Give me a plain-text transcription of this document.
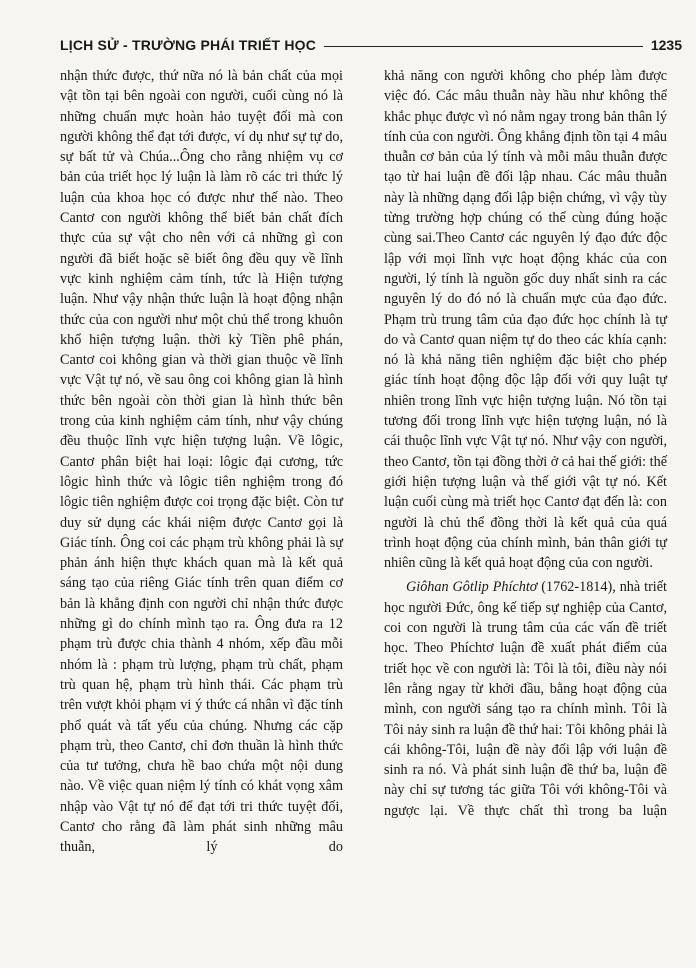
LỊCH SỬ - TRƯỜNG PHÁI TRIẾT HỌC	1235

nhận thức được, thứ nữa nó là bản chất của mọi vật tồn tại bên ngoài con người, cuối cùng nó là những chuẩn mực hoàn hảo tuyệt đối mà con người không thể đạt tới được, ví dụ như sự tự do, sự bất tử và Chúa...Ông cho rằng nhiệm vụ cơ bản của triết học lý luận là làm rõ các tri thức lý luận của khoa học có được như thế nào. Theo Cantơ con người không thể biết bản chất đích thực của sự vật cho nên với cả những gì con người đã biết hoặc sẽ biết ông đều quy về lĩnh vực kinh nghiệm cảm tính, tức là Hiện tượng luận. Như vậy nhận thức luận là hoạt động nhận thức của con người như một chủ thể trong khuôn khổ hiện tượng luận. thời kỳ Tiền phê phán, Cantơ coi không gian và thời gian thuộc về lĩnh vực Vật tự nó, về sau ông coi không gian là hình thức bên ngoài còn thời gian là hình thức bên trong của kinh nghiệm cảm tính, như vậy chúng đều thuộc lĩnh vực hiện tượng luận. Về lôgic, Cantơ phân biệt hai loại: lôgic đại cương, tức lôgic hình thức và lôgic tiên nghiệm trong đó lôgic tiên nghiệm được coi trọng đặc biệt. Còn tư duy sử dụng các khái niệm được Cantơ gọi là Giác tính. Ông coi các phạm trù không phải là sự phản ánh hiện thực khách quan mà là kết quả sáng tạo của riêng Giác tính trên quan điểm cơ bản là khẳng định con người chỉ nhận thức được những gì do chính mình tạo ra. Ông đưa ra 12 phạm trù được chia thành 4 nhóm, xếp đầu mỗi nhóm là : phạm trù lượng, phạm trù chất, phạm trù quan hệ, phạm trù hình thái. Các phạm trù trên vượt khỏi phạm vi ý thức cá nhân vì đặc tính phổ quát và tất yếu của chúng. Nhưng các cặp phạm trù, theo Cantơ, chỉ đơn thuần là hình thức của tư tưởng, chưa hề bao chứa một nội dung nào. Về việc quan niệm lý tính có khát vọng xâm nhập vào Vật tự nó để đạt tới tri thức tuyệt đối, Cantơ cho rằng đã làm phát sinh những mâu thuẫn, lý do

khả năng con người không cho phép làm được việc đó. Các mâu thuẫn này hầu như không thể khắc phục được vì nó nằm ngay trong bản thân lý tính của con người. Ông khẳng định tồn tại 4 mâu thuẫn cơ bản của lý tính và mỗi mâu thuẫn được tạo từ hai luận đề đối lập nhau. Các mâu thuẫn này là những dạng đối lập biện chứng, vì vậy tùy từng trường hợp chúng có thể cùng đúng hoặc cùng sai.Theo Cantơ các nguyên lý đạo đức độc lập với mọi lĩnh vực hoạt động khác của con người, lý tính là nguồn gốc duy nhất sinh ra các nguyên lý do đó nó là chuẩn mực của đạo đức. Phạm trù trung tâm của đạo đức học chính là tự do và Cantơ quan niệm tự do theo các khía cạnh: nó là khả năng tiên nghiệm đặc biệt cho phép giác tính hoạt động độc lập đối với quy luật tự nhiên trong lĩnh vực hiện tượng luận. Nó tồn tại tương đối trong lĩnh vực hiện tượng luận, nó là cái thuộc lĩnh vực Vật tự nó. Như vậy con người, theo Cantơ, tồn tại đồng thời ở cả hai thế giới: thế giới hiện tượng luận và thế giới vật tự nó. Kết luận cuối cùng mà triết học Cantơ đạt đến là: con người là chủ thể đồng thời là kết quả của quá trình hoạt động của chính mình, bản thân giới tự nhiên cũng là kết quả hoạt động của con người.

Giôhan Gôtlip Phíchtơ (1762-1814), nhà triết học người Đức, ông kế tiếp sự nghiệp của Cantơ, coi con người là trung tâm của các vấn đề triết học. Theo Phíchtơ luận đề xuất phát điểm của triết học về con người là: Tôi là tôi, điều này nói lên rằng ngay từ khởi đầu, bằng hoạt động của mình, con người sáng tạo ra chính mình. Tôi là Tôi nảy sinh ra luận đề thứ hai: Tôi không phải là cái không-Tôi, luận đề này đối lập với luận đề sinh ra nó. Và phát sinh luận đề thứ ba, luận đề này chỉ sự tương tác giữa Tôi với không-Tôi và ngược lại. Về thực chất thì trong ba luận
